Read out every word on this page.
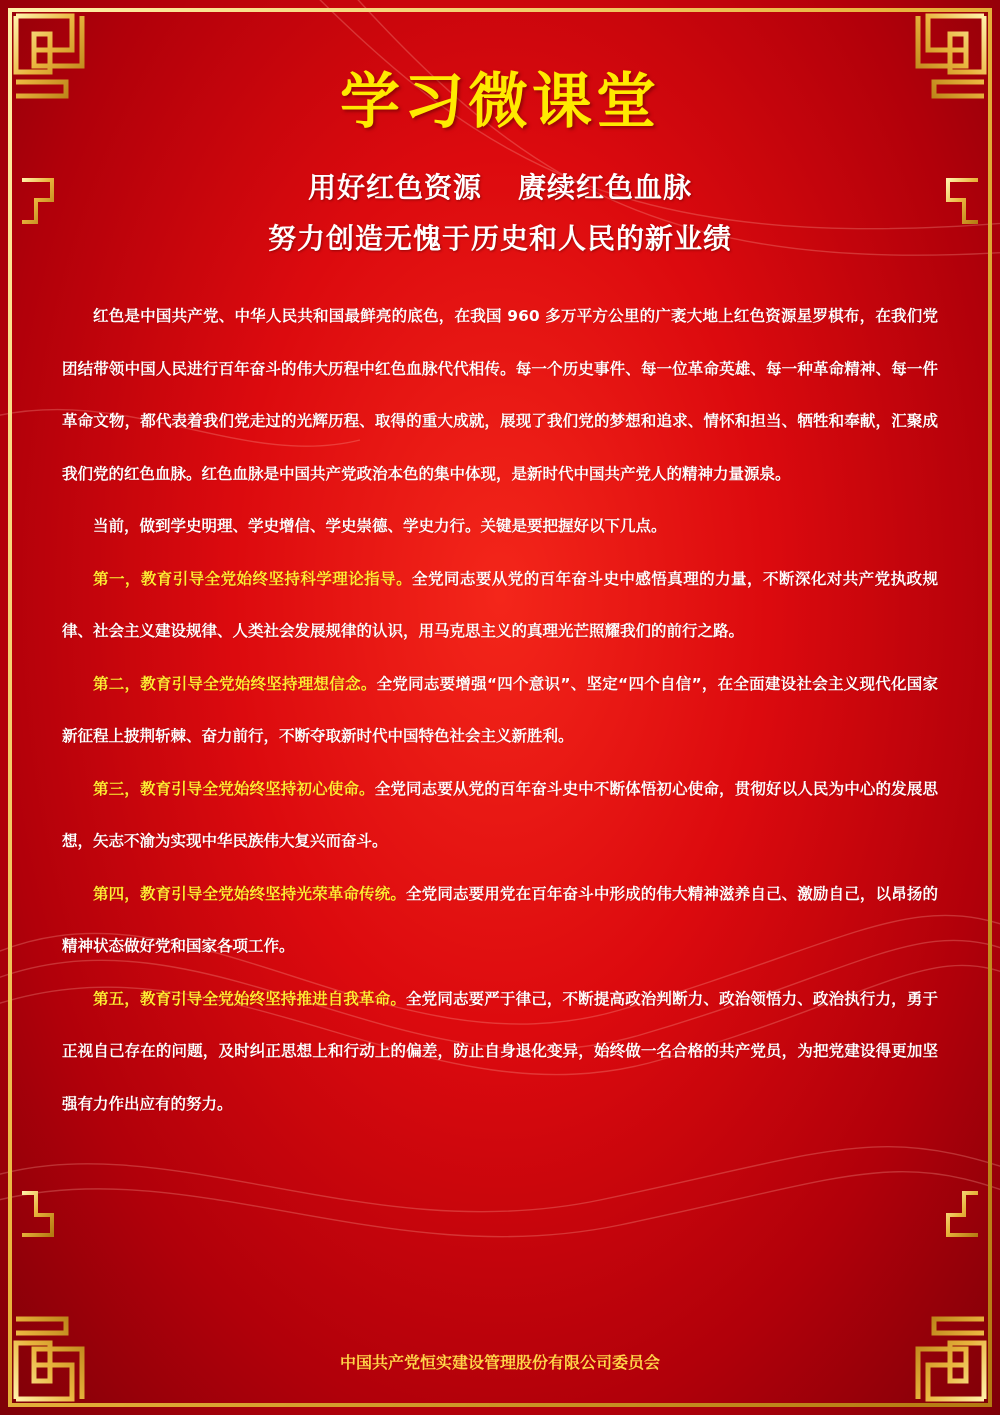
学习微课堂
用好红色资源 赓续红色血脉
努力创造无愧于历史和人民的新业绩

红色是中国共产党、中华人民共和国最鲜亮的底色，在我国 960 多万平方公里的广袤大地上红色资源星罗棋布，在我们党团结带领中国人民进行百年奋斗的伟大历程中红色血脉代代相传。每一个历史事件、每一位革命英雄、每一种革命精神、每一件革命文物，都代表着我们党走过的光辉历程、取得的重大成就，展现了我们党的梦想和追求、情怀和担当、牺牲和奉献，汇聚成我们党的红色血脉。红色血脉是中国共产党政治本色的集中体现，是新时代中国共产党人的精神力量源泉。

当前，做到学史明理、学史增信、学史崇德、学史力行。关键是要把握好以下几点。

第一，教育引导全党始终坚持科学理论指导。全党同志要从党的百年奋斗史中感悟真理的力量，不断深化对共产党执政规律、社会主义建设规律、人类社会发展规律的认识，用马克思主义的真理光芒照耀我们的前行之路。

第二，教育引导全党始终坚持理想信念。全党同志要增强“四个意识”、坚定“四个自信”，在全面建设社会主义现代化国家新征程上披荆斩棘、奋力前行，不断夺取新时代中国特色社会主义新胜利。

第三，教育引导全党始终坚持初心使命。全党同志要从党的百年奋斗史中不断体悟初心使命，贯彻好以人民为中心的发展思想，矢志不渝为实现中华民族伟大复兴而奋斗。

第四，教育引导全党始终坚持光荣革命传统。全党同志要用党在百年奋斗中形成的伟大精神滋养自己、激励自己，以昂扬的精神状态做好党和国家各项工作。

第五，教育引导全党始终坚持推进自我革命。全党同志要严于律己，不断提高政治判断力、政治领悟力、政治执行力，勇于正视自己存在的问题，及时纠正思想上和行动上的偏差，防止自身退化变异，始终做一名合格的共产党员，为把党建设得更加坚强有力作出应有的努力。

中国共产党恒实建设管理股份有限公司委员会
